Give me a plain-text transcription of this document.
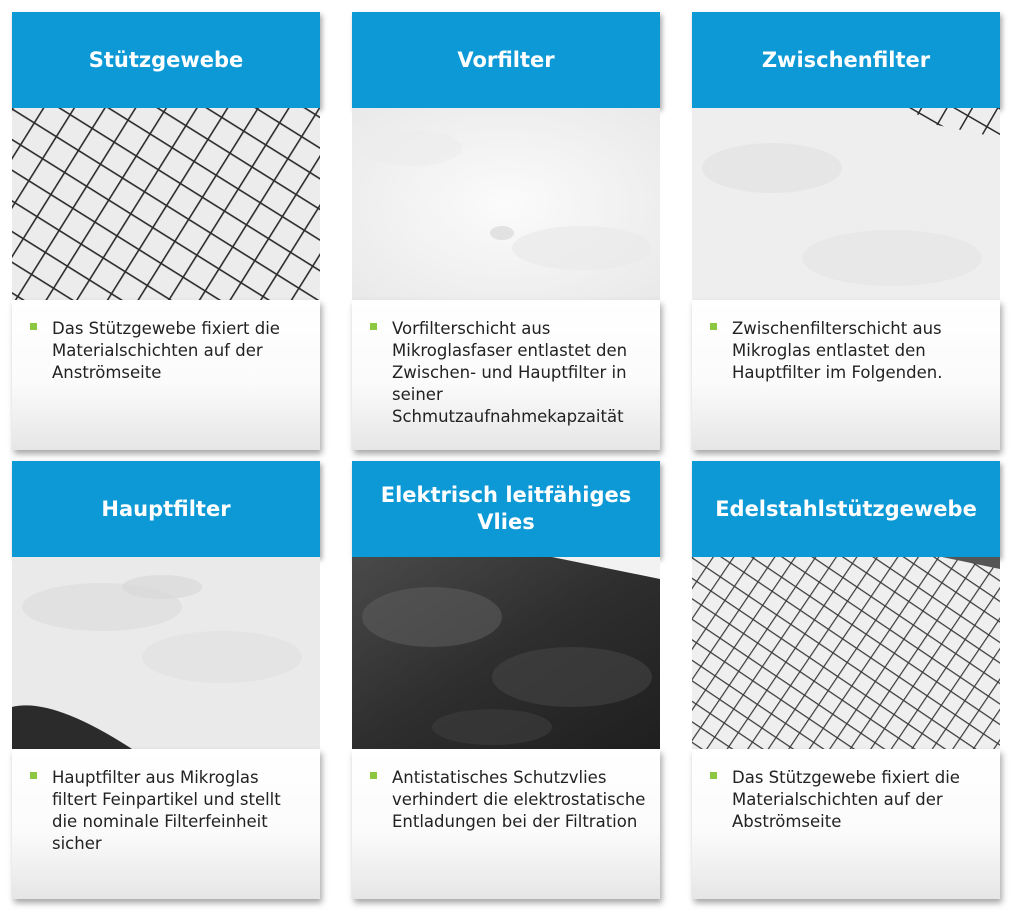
Stützgewebe
Das Stützgewebe fixiert die Materialschichten auf der Anströmseite
Vorfilter
Vorfilterschicht aus Mikroglasfaser entlastet den Zwischen- und Hauptfilter in seiner Schmutzaufnahmekapzaität
Zwischenfilter
Zwischenfilterschicht aus Mikroglas entlastet den Hauptfilter im Folgenden.
Hauptfilter
Hauptfilter aus Mikroglas filtert Feinpartikel und stellt die nominale Filterfeinheit sicher
Elektrisch leitfähiges Vlies
Antistatisches Schutzvlies verhindert die elektrostatische Entladungen bei der Filtration
Edelstahlstützgewebe
Das Stützgewebe fixiert die Materialschichten auf der Abströmseite
